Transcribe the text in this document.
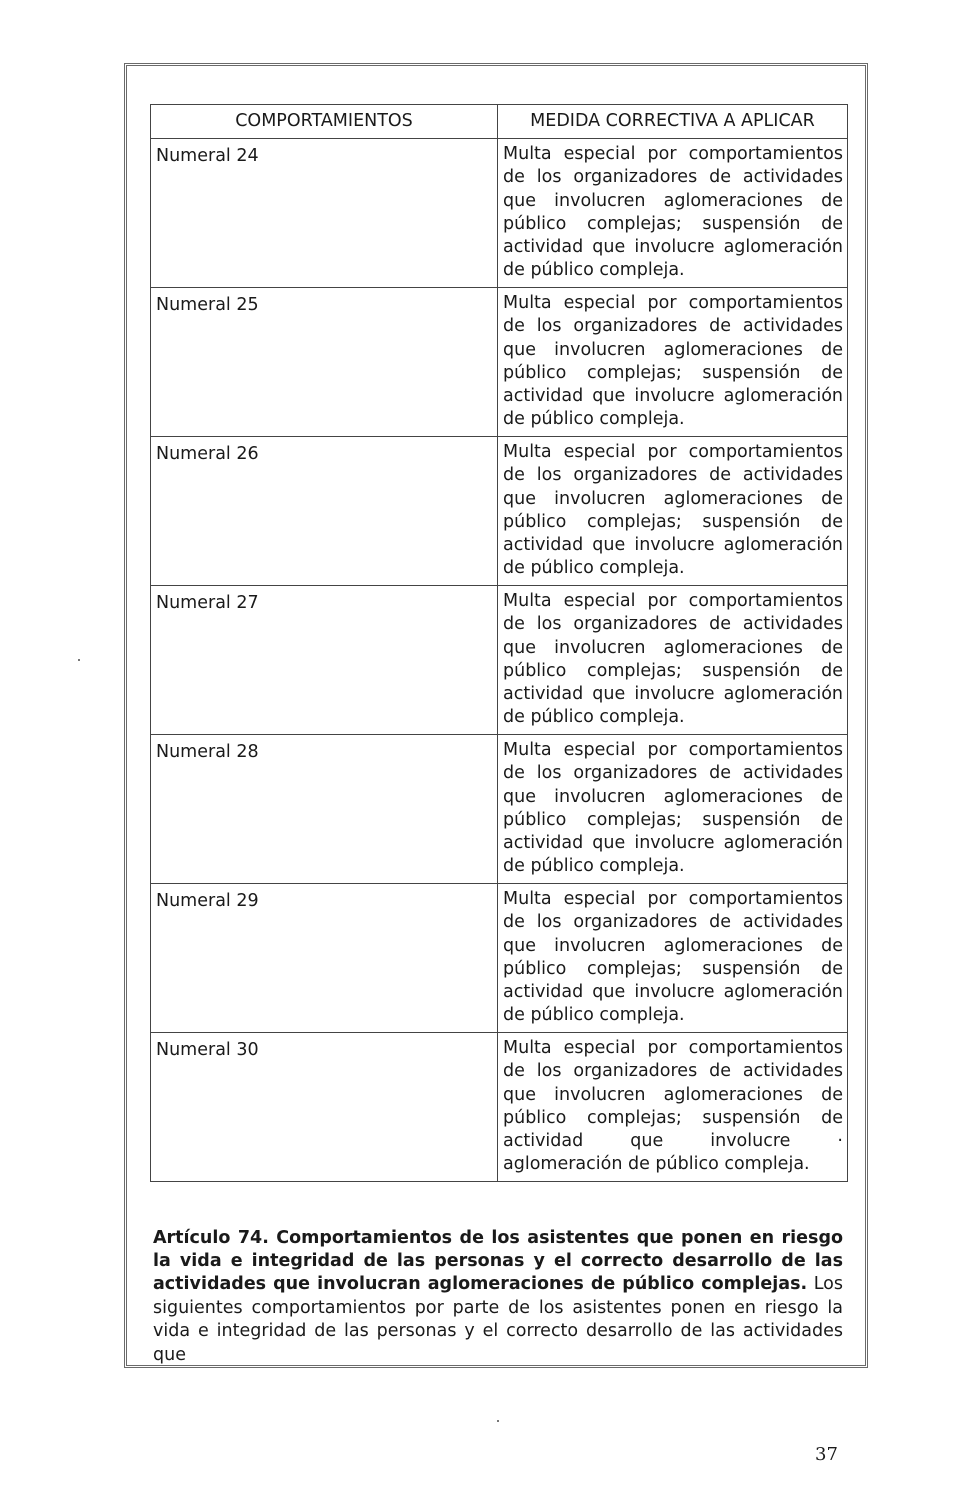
COMPORTAMIENTOS	MEDIDA CORRECTIVA A APLICAR
Numeral 24	Multa especial por comportamientos de los organizadores de actividades que involucren aglomeraciones de público complejas; suspensión de actividad que involucre aglomeración de público compleja.
Numeral 25	Multa especial por comportamientos de los organizadores de actividades que involucren aglomeraciones de público complejas; suspensión de actividad que involucre aglomeración de público compleja.
Numeral 26	Multa especial por comportamientos de los organizadores de actividades que involucren aglomeraciones de público complejas; suspensión de actividad que involucre aglomeración de público compleja.
Numeral 27	Multa especial por comportamientos de los organizadores de actividades que involucren aglomeraciones de público complejas; suspensión de actividad que involucre aglomeración de público compleja.
Numeral 28	Multa especial por comportamientos de los organizadores de actividades que involucren aglomeraciones de público complejas; suspensión de actividad que involucre aglomeración de público compleja.
Numeral 29	Multa especial por comportamientos de los organizadores de actividades que involucren aglomeraciones de público complejas; suspensión de actividad que involucre aglomeración de público compleja.
Numeral 30	Multa especial por comportamientos de los organizadores de actividades que involucren aglomeraciones de público complejas; suspensión de actividad que involucre · aglomeración de público compleja.

Artículo 74. Comportamientos de los asistentes que ponen en riesgo la vida e integridad de las personas y el correcto desarrollo de las actividades que involucran aglomeraciones de público complejas. Los siguientes comportamientos por parte de los asistentes ponen en riesgo la vida e integridad de las personas y el correcto desarrollo de las actividades que

37
